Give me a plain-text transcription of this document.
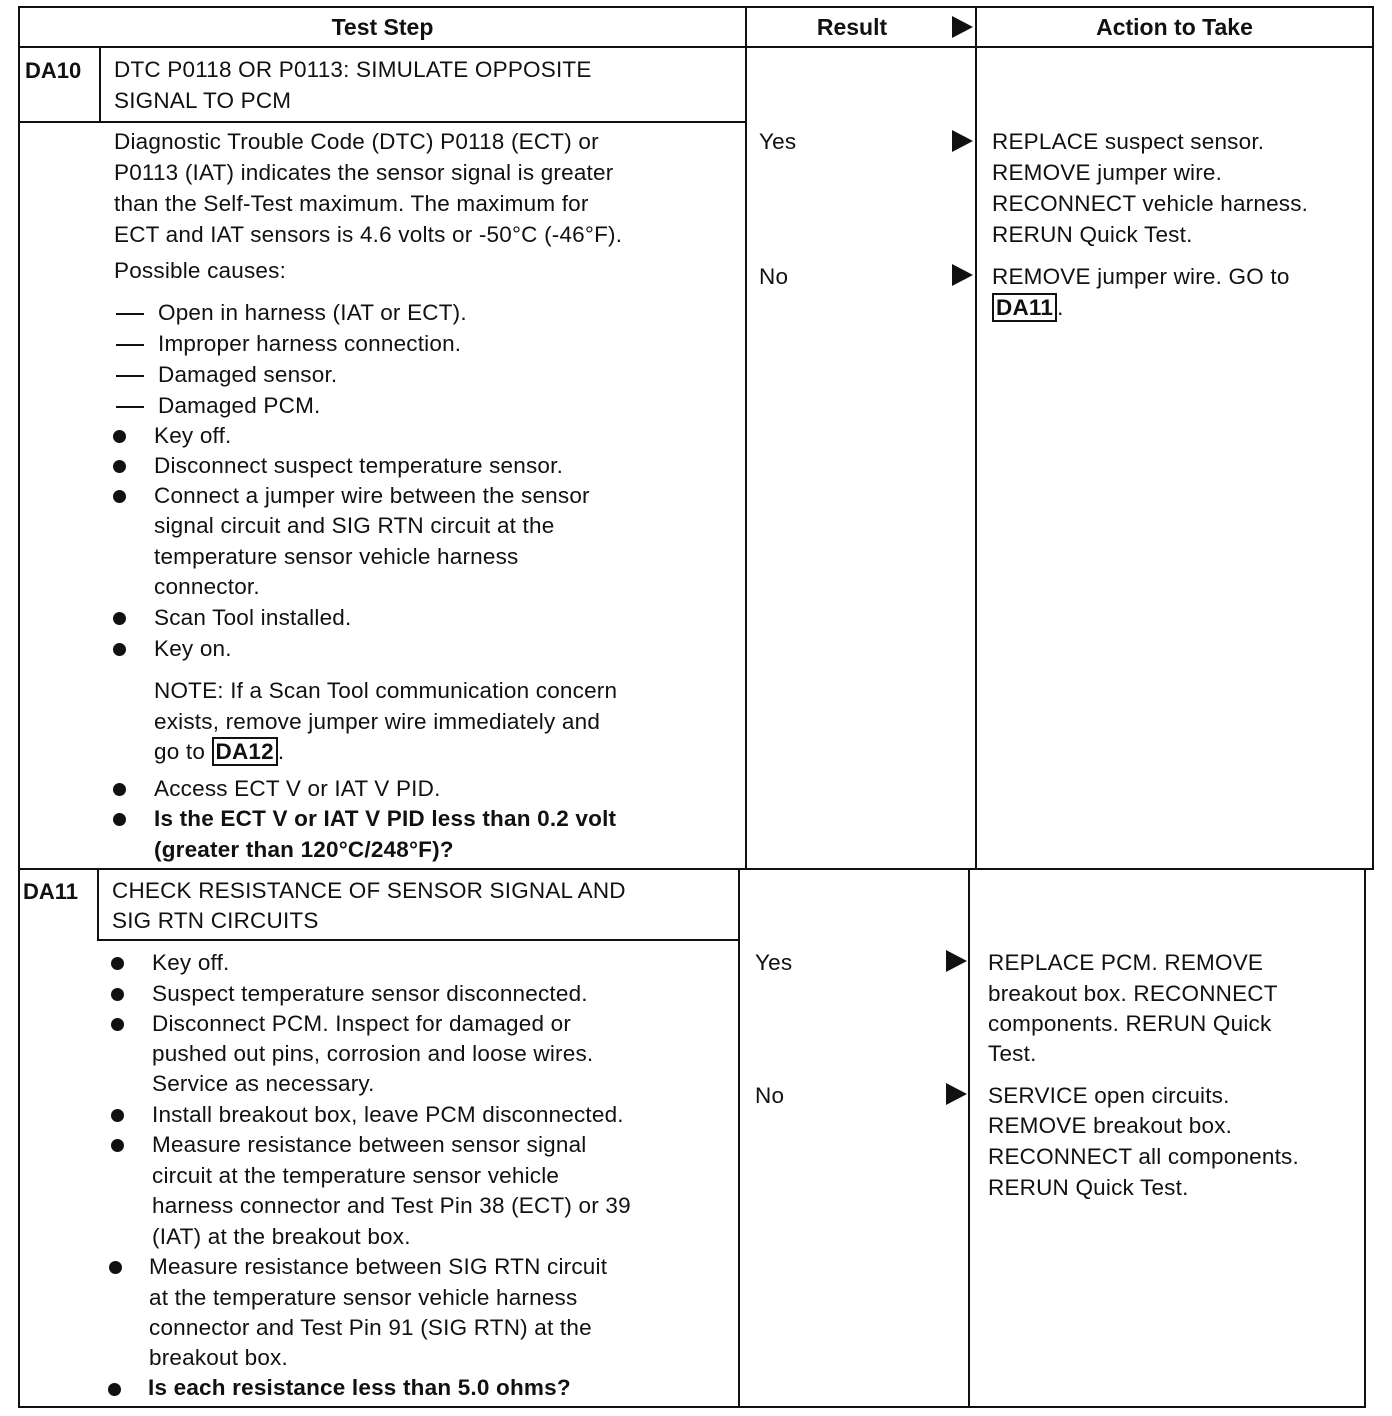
Test Step	Result	Action to Take
DA10 DTC P0118 OR P0113: SIMULATE OPPOSITE
SIGNAL TO PCM
Diagnostic Trouble Code (DTC) P0118 (ECT) or
P0113 (IAT) indicates the sensor signal is greater
than the Self-Test maximum. The maximum for
ECT and IAT sensors is 4.6 volts or -50°C (-46°F).
Possible causes:
Open in harness (IAT or ECT).
Improper harness connection.
Damaged sensor.
Damaged PCM.
Key off.
Disconnect suspect temperature sensor.
Connect a jumper wire between the sensor
signal circuit and SIG RTN circuit at the
temperature sensor vehicle harness
connector.
Scan Tool installed.
Key on.
NOTE: If a Scan Tool communication concern
exists, remove jumper wire immediately and
go to DA12 .
Access ECT V or IAT V PID.
Is the ECT V or IAT V PID less than 0.2 volt
(greater than 120°C/248°F)?
Yes
No
REPLACE suspect sensor.
REMOVE jumper wire.
RECONNECT vehicle harness.
RERUN Quick Test.
REMOVE jumper wire. GO to
DA11 .
DA11 CHECK RESISTANCE OF SENSOR SIGNAL AND
SIG RTN CIRCUITS
Key off.
Suspect temperature sensor disconnected.
Disconnect PCM. Inspect for damaged or
pushed out pins, corrosion and loose wires.
Service as necessary.
Install breakout box, leave PCM disconnected.
Measure resistance between sensor signal
circuit at the temperature sensor vehicle
harness connector and Test Pin 38 (ECT) or 39
(IAT) at the breakout box.
Measure resistance between SIG RTN circuit
at the temperature sensor vehicle harness
connector and Test Pin 91 (SIG RTN) at the
breakout box.
Is each resistance less than 5.0 ohms?
Yes
No
REPLACE PCM. REMOVE
breakout box. RECONNECT
components. RERUN Quick
Test.
SERVICE open circuits.
REMOVE breakout box.
RECONNECT all components.
RERUN Quick Test.
